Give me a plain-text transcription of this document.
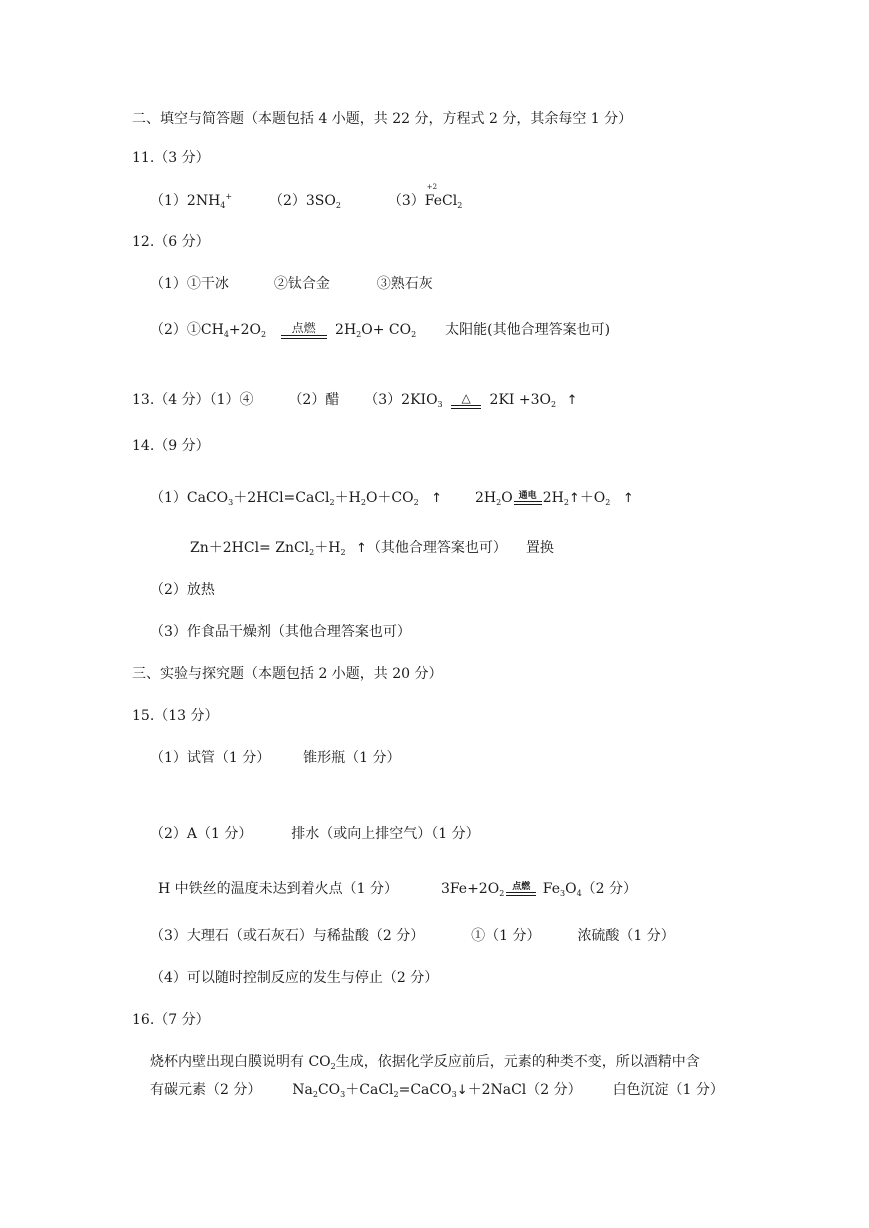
二、填空与简答题（本题包括 4 小题，共 22 分，方程式 2 分，其余每空 1 分）
11.（3 分）
$(1)2NH_4^+$	$(2)3SO_2$	（3）
+2
FeCl$_2$
12.（6 分）
（1）①干冰	②钛合金	③熟石灰
$(2)①CH_4+2O_2$	点燃	$2H_2O+ CO_2$ 太阳能(其他合理答案也可)
13.（4 分）（1）④ （2）醋 $(3)2KIO_3$	△	$2KI +3O_2$ ↑
14.（9 分）
$(1)CaCO_3+2HCl=CaCl_2+H_2O+CO_2$ ↑ $2H_2O$ 通电 $2H_2↑+O_2$ ↑
$Zn+2HCl= ZnCl_2+H_2$ ↑（其他合理答案也可） 置换
（2）放热
（3）作食品干燥剂（其他合理答案也可）
三、实验与探究题（本题包括 2 小题，共 20 分）
15.（13 分）
（1）试管（1 分） 锥形瓶（1 分）
（2）A（1 分）	排水（或向上排空气）（1 分）
H 中铁丝的温度未达到着火点（1 分）	$3Fe+2O_2$
点燃 $Fe_3O_4(2$ 分）
（3）大理石（或石灰石）与稀盐酸（2 分）	①（1 分）	浓硫酸（1 分）
（4）可以随时控制反应的发生与停止（2 分）
16.（7 分）
烧杯内壁出现白膜说明有 $CO_2$生成，依据化学反应前后，元素的种类不变，所以酒精中含
有碳元素（2 分） $Na_2CO_3+CaCl_2=CaCO_3↓+2NaCl(2$ 分） 白色沉淀（1 分）
